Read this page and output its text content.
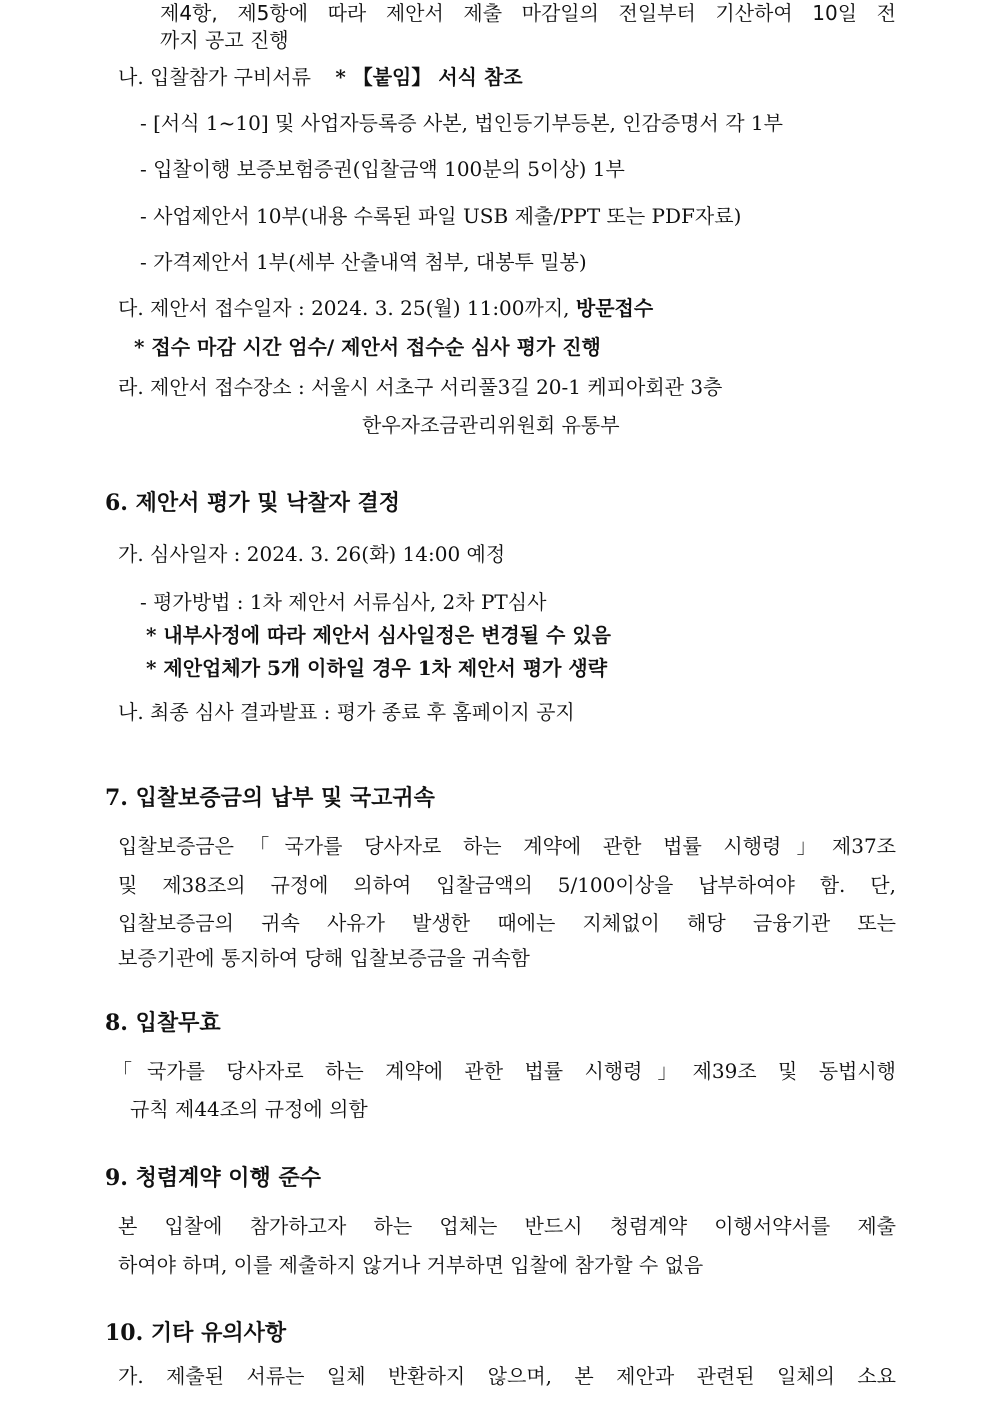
제4항, 제5항에 따라 제안서 제출 마감일의 전일부터 기산하여 10일 전
까지 공고 진행
나. 입찰참가 구비서류 * 【붙임】 서식 참조
- [서식 1~10] 및 사업자등록증 사본, 법인등기부등본, 인감증명서 각 1부
- 입찰이행 보증보험증권(입찰금액 100분의 5이상) 1부
- 사업제안서 10부(내용 수록된 파일 USB 제출/PPT 또는 PDF자료)
- 가격제안서 1부(세부 산출내역 첨부, 대봉투 밀봉)
다. 제안서 접수일자 : 2024. 3. 25(월) 11:00까지, 방문접수
* 접수 마감 시간 엄수/ 제안서 접수순 심사 평가 진행
라. 제안서 접수장소 : 서울시 서초구 서리풀3길 20-1 케피아회관 3층
한우자조금관리위원회 유통부
6. 제안서 평가 및 낙찰자 결정
가. 심사일자 : 2024. 3. 26(화) 14:00 예정
- 평가방법 : 1차 제안서 서류심사, 2차 PT심사
* 내부사정에 따라 제안서 심사일정은 변경될 수 있음
* 제안업체가 5개 이하일 경우 1차 제안서 평가 생략
나. 최종 심사 결과발표 : 평가 종료 후 홈페이지 공지
7. 입찰보증금의 납부 및 국고귀속
입찰보증금은「국가를 당사자로 하는 계약에 관한 법률 시행령」제37조
및 제38조의 규정에 의하여 입찰금액의 5/100이상을 납부하여야 함. 단,
입찰보증금의 귀속 사유가 발생한 때에는 지체없이 해당 금융기관 또는
보증기관에 통지하여 당해 입찰보증금을 귀속함
8. 입찰무효
「국가를 당사자로 하는 계약에 관한 법률 시행령」제39조 및 동법시행
규칙 제44조의 규정에 의함
9. 청렴계약 이행 준수
본 입찰에 참가하고자 하는 업체는 반드시 청렴계약 이행서약서를 제출
하여야 하며, 이를 제출하지 않거나 거부하면 입찰에 참가할 수 없음
10. 기타 유의사항
가. 제출된 서류는 일체 반환하지 않으며, 본 제안과 관련된 일체의 소요
